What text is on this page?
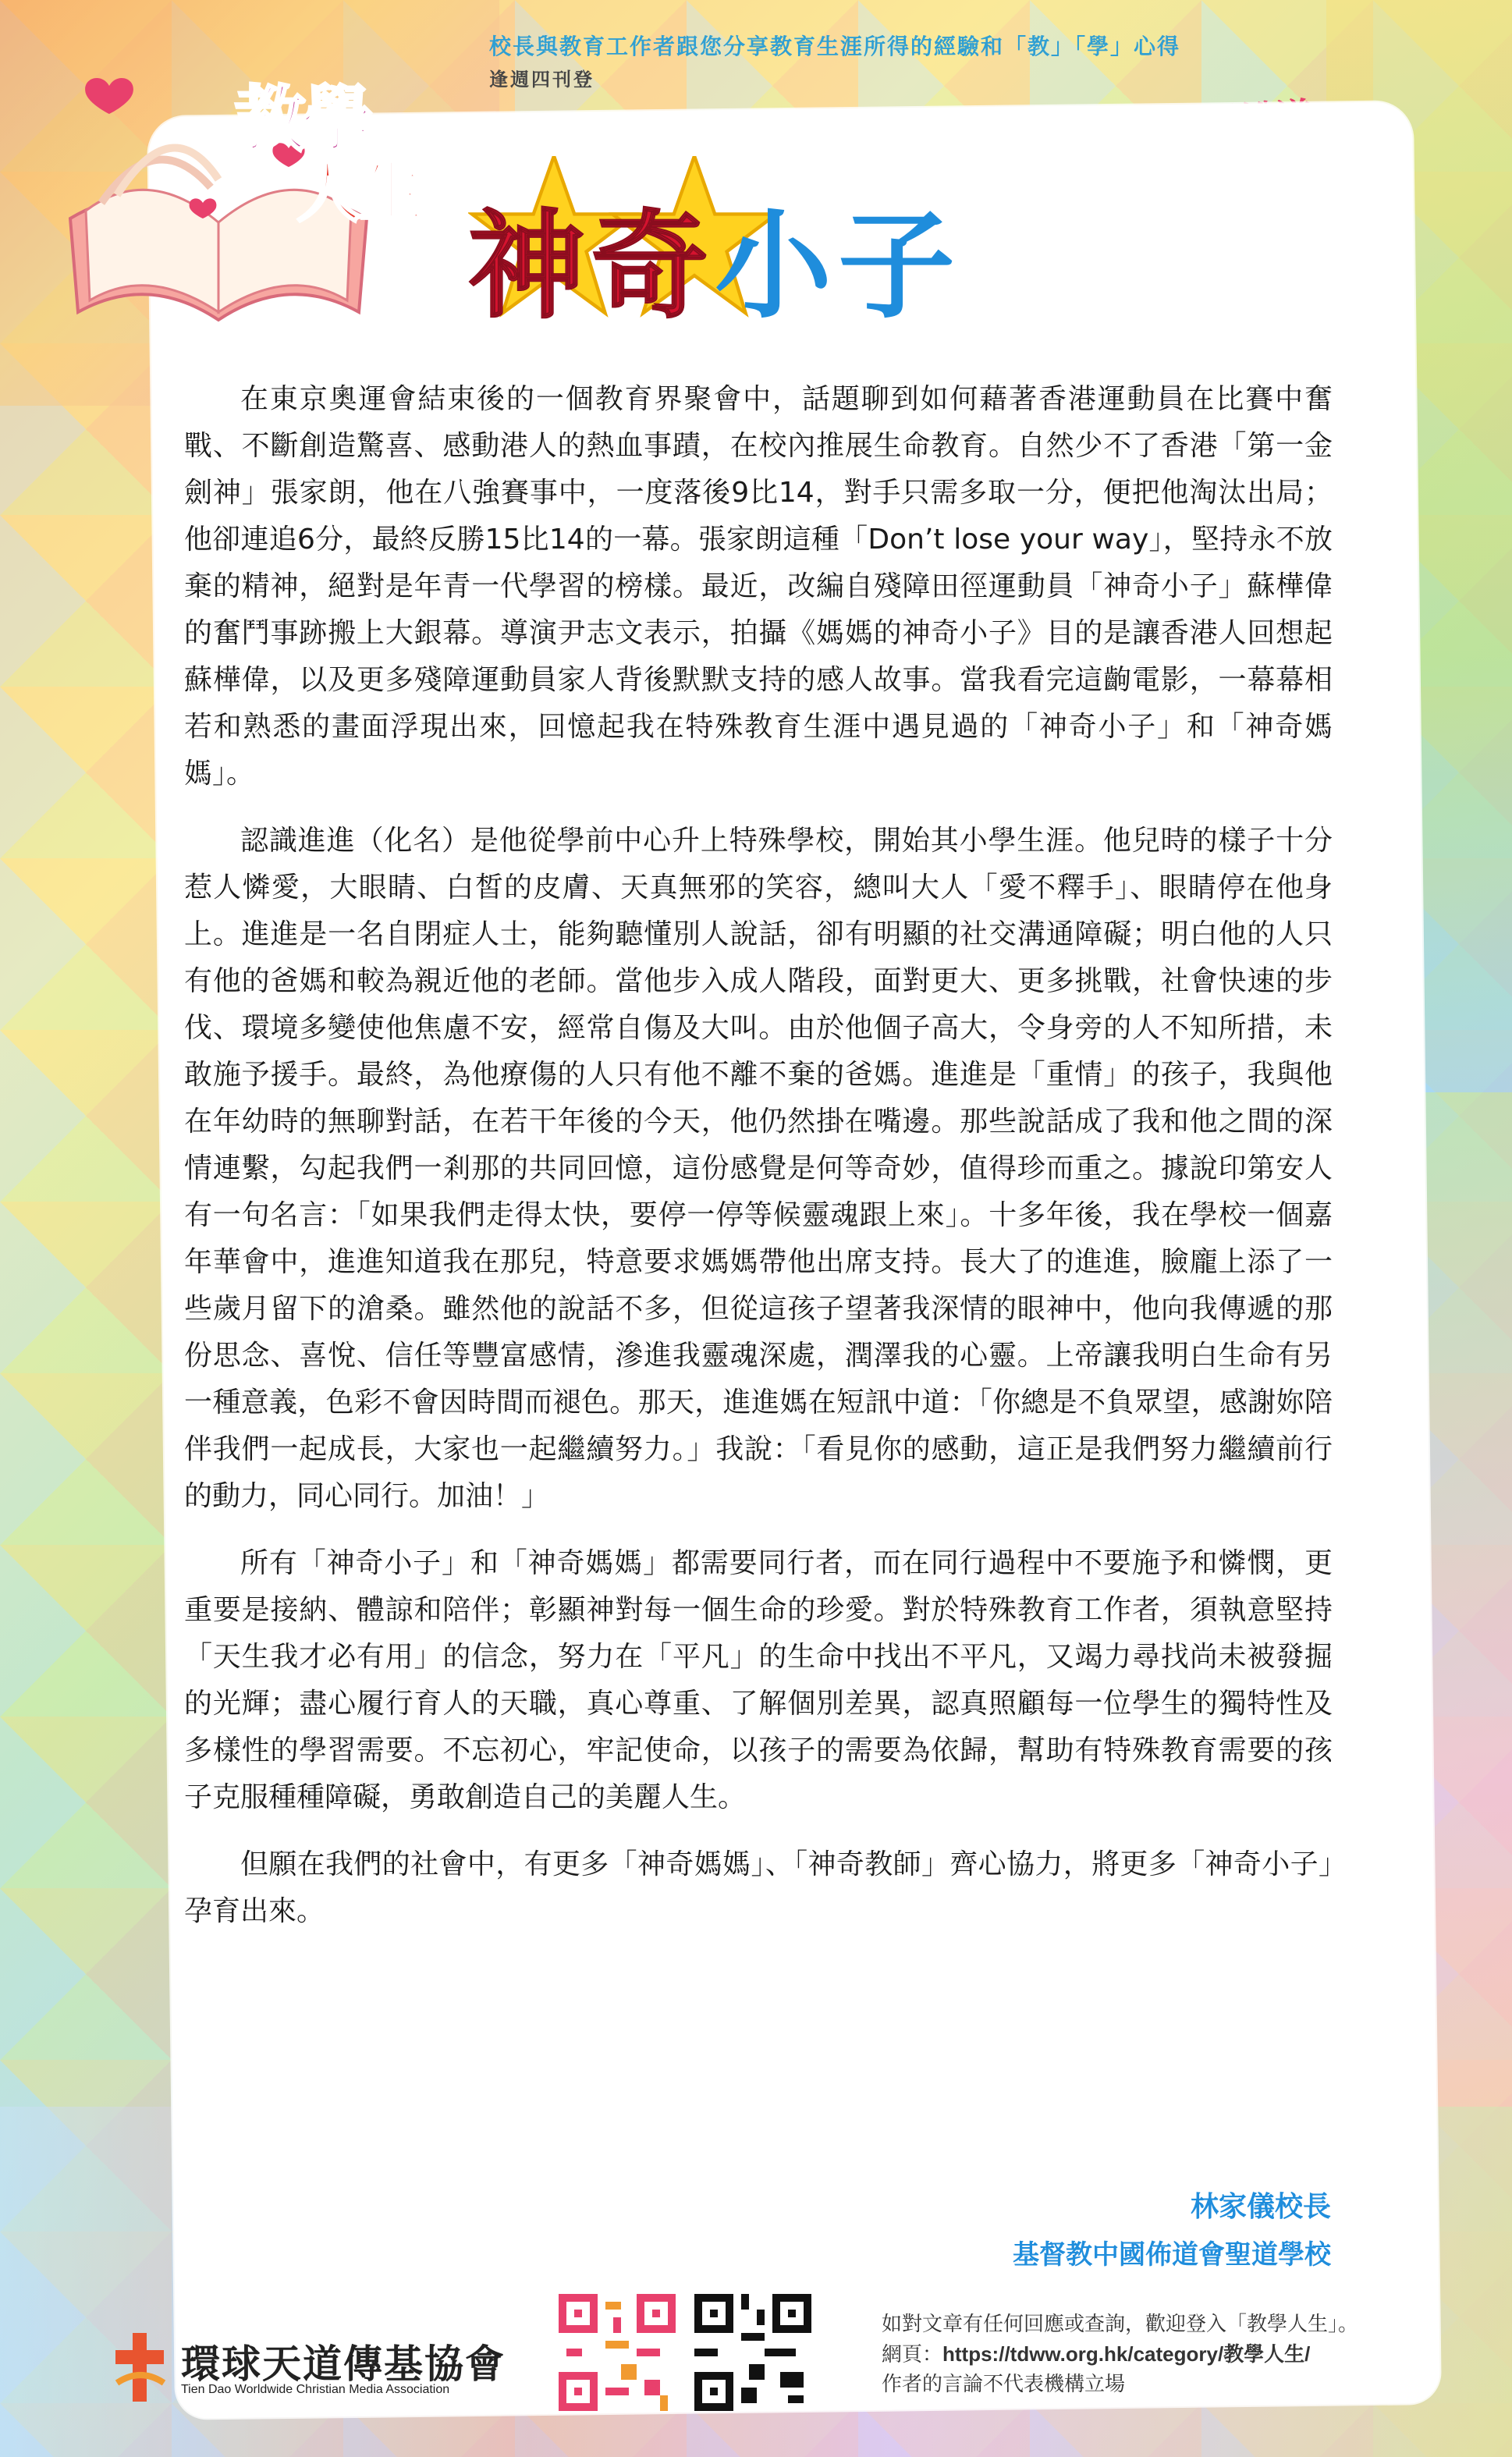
校長與教育工作者跟您分享教育生涯所得的經驗和「教」「學」心得
逢週四刊登
教學
人生
神奇小子

在東京奧運會結束後的一個教育界聚會中，話題聊到如何藉著香港運動員在比賽中奮戰、不斷創造驚喜、感動港人的熱血事蹟，在校內推展生命教育。自然少不了香港「第一金劍神」張家朗，他在八強賽事中，一度落後9比14，對手只需多取一分，便把他淘汰出局；他卻連追6分，最終反勝15比14的一幕。張家朗這種「Don’t lose your way」，堅持永不放棄的精神，絕對是年青一代學習的榜樣。最近，改編自殘障田徑運動員「神奇小子」蘇樺偉的奮鬥事跡搬上大銀幕。導演尹志文表示，拍攝《媽媽的神奇小子》目的是讓香港人回想起蘇樺偉，以及更多殘障運動員家人背後默默支持的感人故事。當我看完這齣電影，一幕幕相若和熟悉的畫面浮現出來，回憶起我在特殊教育生涯中遇見過的「神奇小子」和「神奇媽媽」。

認識進進（化名）是他從學前中心升上特殊學校，開始其小學生涯。他兒時的樣子十分惹人憐愛，大眼睛、白皙的皮膚、天真無邪的笑容，總叫大人「愛不釋手」、眼睛停在他身上。進進是一名自閉症人士，能夠聽懂別人說話，卻有明顯的社交溝通障礙；明白他的人只有他的爸媽和較為親近他的老師。當他步入成人階段，面對更大、更多挑戰，社會快速的步伐、環境多變使他焦慮不安，經常自傷及大叫。由於他個子高大，令身旁的人不知所措，未敢施予援手。最終，為他療傷的人只有他不離不棄的爸媽。進進是「重情」的孩子，我與他在年幼時的無聊對話，在若干年後的今天，他仍然掛在嘴邊。那些說話成了我和他之間的深情連繫，勾起我們一剎那的共同回憶，這份感覺是何等奇妙，值得珍而重之。據說印第安人有一句名言：「如果我們走得太快，要停一停等候靈魂跟上來」。十多年後，我在學校一個嘉年華會中，進進知道我在那兒，特意要求媽媽帶他出席支持。長大了的進進，臉龐上添了一些歲月留下的滄桑。雖然他的說話不多，但從這孩子望著我深情的眼神中，他向我傳遞的那份思念、喜悅、信任等豐富感情，滲進我靈魂深處，潤澤我的心靈。上帝讓我明白生命有另一種意義，色彩不會因時間而褪色。那天，進進媽在短訊中道：「你總是不負眾望，感謝妳陪伴我們一起成長，大家也一起繼續努力。」我說：「看見你的感動，這正是我們努力繼續前行的動力，同心同行。加油！」

所有「神奇小子」和「神奇媽媽」都需要同行者，而在同行過程中不要施予和憐憫，更重要是接納、體諒和陪伴；彰顯神對每一個生命的珍愛。對於特殊教育工作者，須執意堅持「天生我才必有用」的信念，努力在「平凡」的生命中找出不平凡，又竭力尋找尚未被發掘的光輝；盡心履行育人的天職，真心尊重、了解個別差異，認真照顧每一位學生的獨特性及多樣性的學習需要。不忘初心，牢記使命，以孩子的需要為依歸，幫助有特殊教育需要的孩子克服種種障礙，勇敢創造自己的美麗人生。

但願在我們的社會中，有更多「神奇媽媽」、「神奇教師」齊心協力，將更多「神奇小子」孕育出來。

林家儀校長
基督教中國佈道會聖道學校
環球天道傳基協會
Tien Dao Worldwide Christian Media Association
如對文章有任何回應或查詢，歡迎登入「教學人生」。
網頁：https://tdww.org.hk/category/教學人生/
作者的言論不代表機構立場
